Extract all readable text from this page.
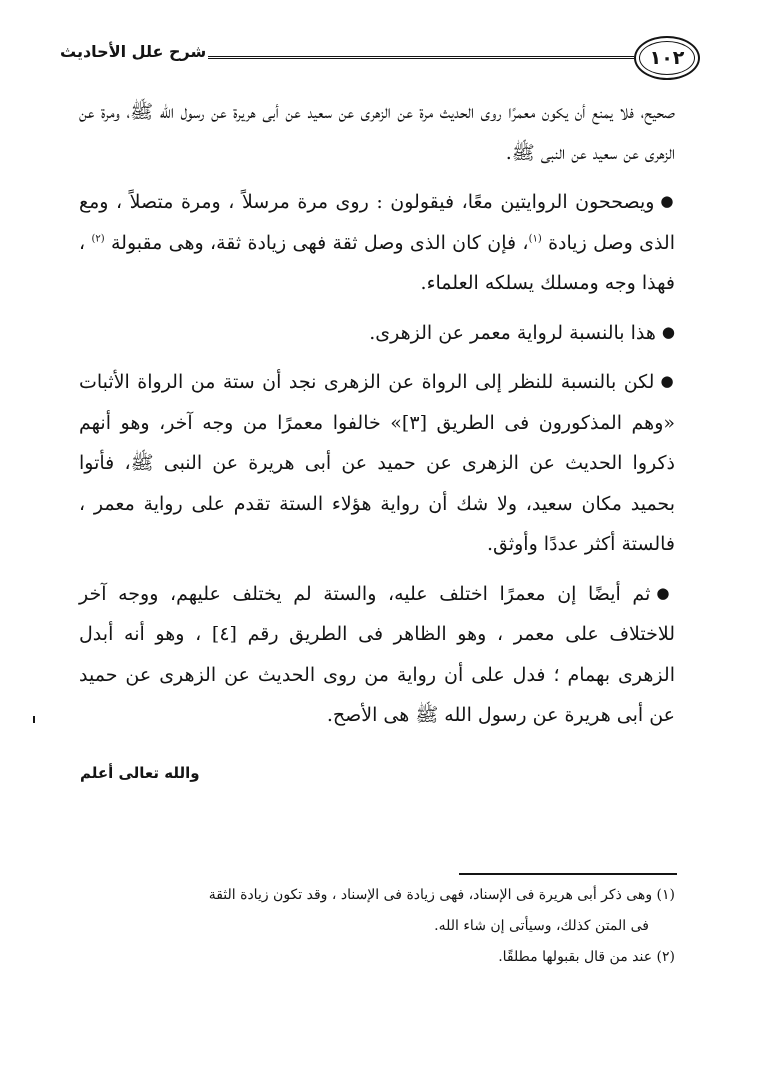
١٠٢
شرح علل الأحاديث

صحيح، فلا يمنع أن يكون معمرًا روى الحديث مرة عن الزهرى عن سعيد عن أبى هريرة عن رسول الله ﷺ، ومرة عن الزهرى عن سعيد عن النبى ﷺ.

●ويصححون الروايتين معًا، فيقولون : روى مرة مرسلاً ، ومرة متصلاً ، ومع الذى وصل زيادة $^{(١)}$، فإن كان الذى وصل ثقة فهى زيادة ثقة، وهى مقبولة $^{(٢)}$ ، فهذا وجه ومسلك يسلكه العلماء.

●هذا بالنسبة لرواية معمر عن الزهرى.

●لكن بالنسبة للنظر إلى الرواة عن الزهرى نجد أن ستة من الرواة الأثبات «وهم المذكورون فى الطريق [٣]» خالفوا معمرًا من وجه آخر، وهو أنهم ذكروا الحديث عن الزهرى عن حميد عن أبى هريرة عن النبى ﷺ، فأتوا بحميد مكان سعيد، ولا شك أن رواية هؤلاء الستة تقدم على رواية معمر ، فالستة أكثر عددًا وأوثق.

●ثم أيضًا إن معمرًا اختلف عليه، والستة لم يختلف عليهم، ووجه آخر للاختلاف على معمر ، وهو الظاهر فى الطريق رقم [٤] ، وهو أنه أبدل الزهرى بهمام ؛ فدل على أن رواية من روى الحديث عن الزهرى عن حميد عن أبى هريرة عن رسول الله ﷺ هى الأصح.

والله تعالى أعلم

(١) وهى ذكر أبى هريرة فى الإسناد، فهى زيادة فى الإسناد ، وقد تكون زيادة الثقة

فى المتن كذلك، وسيأتى إن شاء الله.

(٢) عند من قال بقبولها مطلقًا.
